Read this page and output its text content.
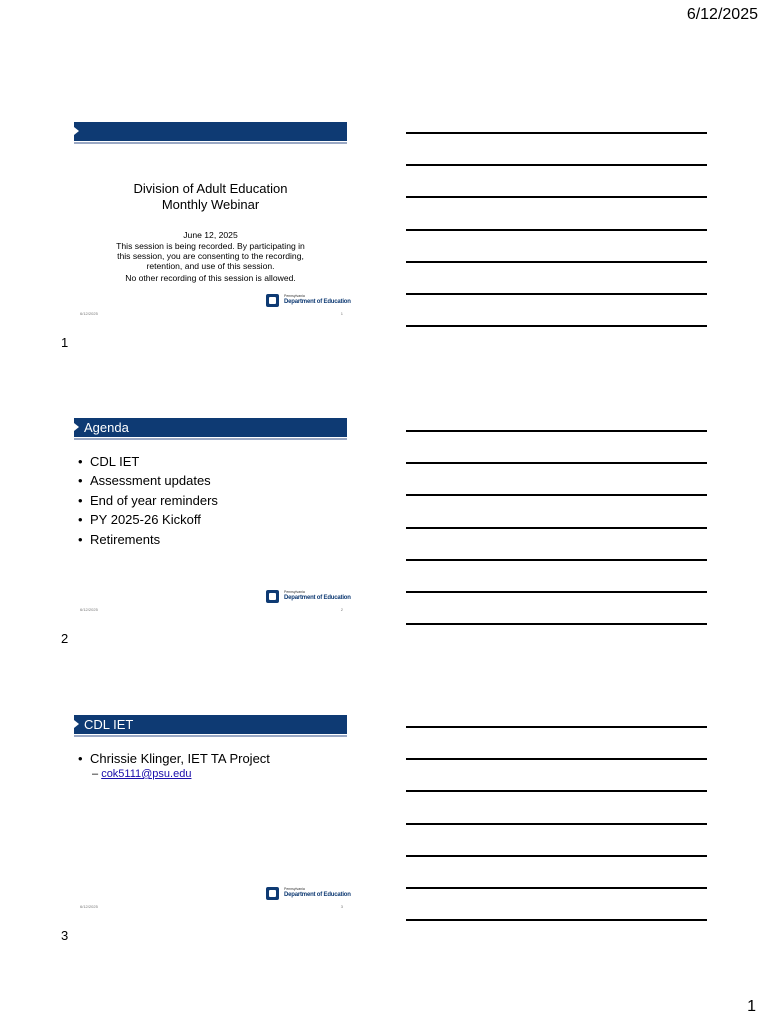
6/12/2025
Division of Adult Education
Monthly Webinar
June 12, 2025
This session is being recorded. By participating in
this session, you are consenting to the recording,
retention, and use of this session.
No other recording of this session is allowed.
Pennsylvania
Department of Education
6/12/2025	1
1
Agenda
• CDL IET
• Assessment updates
• End of year reminders
• PY 2025-26 Kickoff
• Retirements
Pennsylvania
Department of Education
6/12/2025	2
2
CDL IET
• Chrissie Klinger, IET TA Project
– cok5111@psu.edu
Pennsylvania
Department of Education
6/12/2025	3
3
1
